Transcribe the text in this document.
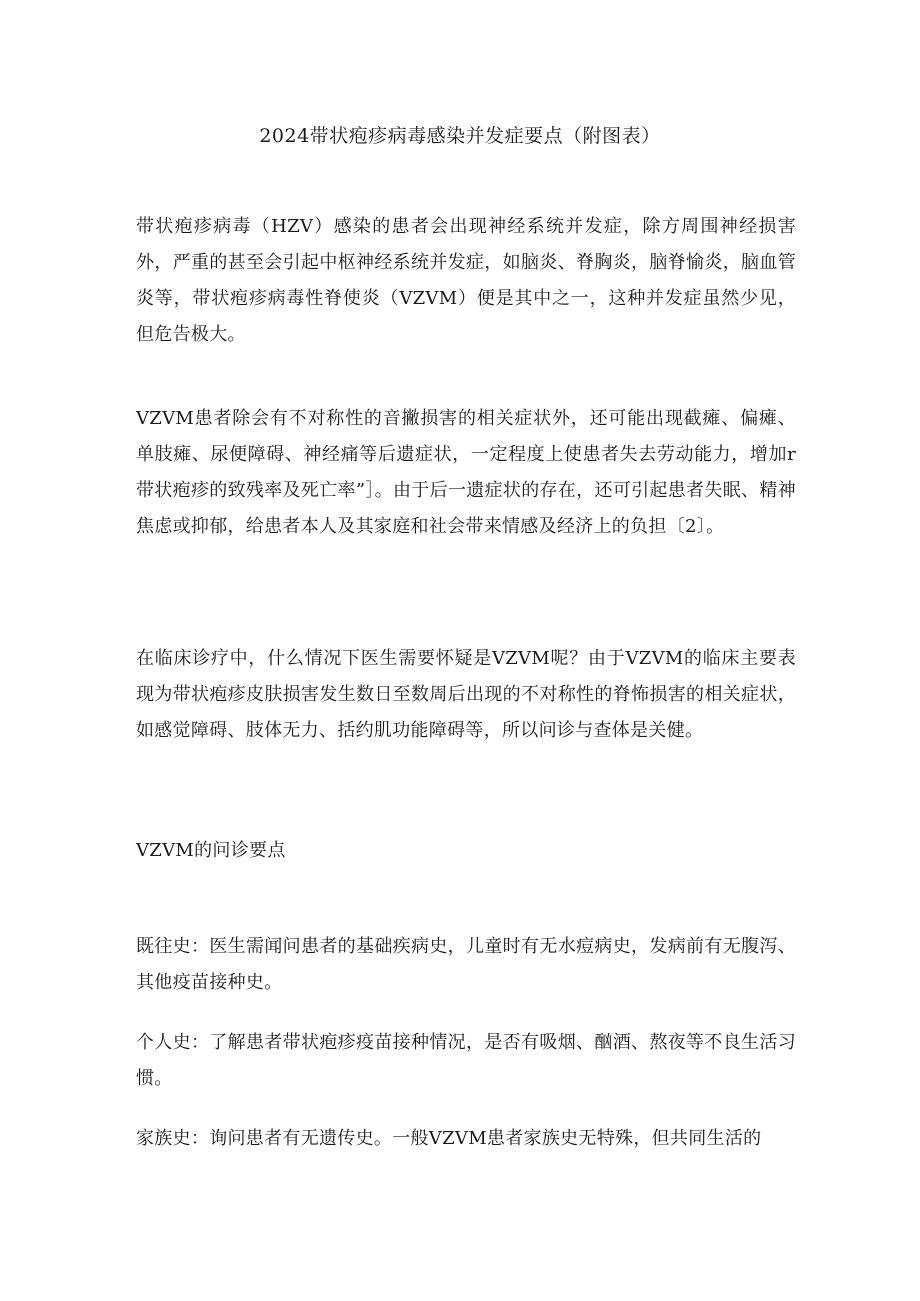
2024带状疱疹病毒感染并发症要点（附图表）

带状疱疹病毒（HZV）感染的患者会出现神经系统并发症，除方周围神经损害外，严重的甚至会引起中枢神经系统并发症，如脑炎、脊胸炎，脑脊愉炎，脑血管炎等，带状疱疹病毒性脊使炎（VZVM）便是其中之一，这种并发症虽然少见，但危告极大。

VZVM患者除会有不对称性的音撇损害的相关症状外，还可能出现截瘫、偏瘫、单肢瘫、尿便障碍、神经痛等后遗症状，一定程度上使患者失去劳动能力，增加r带状疱疹的致残率及死亡率”］。由于后一遗症状的存在，还可引起患者失眠、精神焦虑或抑郁，给患者本人及其家庭和社会带来情感及经济上的负担〔2〕。

在临床诊疗中，什么情况下医生需要怀疑是VZVM呢？由于VZVM的临床主要表现为带状疱疹皮肤损害发生数日至数周后出现的不对称性的脊怖损害的相关症状，如感觉障碍、肢体无力、括约肌功能障碍等，所以问诊与查体是关健。

VZVM的问诊要点

既往史：医生需闻问患者的基础疾病史，儿童时有无水痘病史，发病前有无腹泻、其他疫苗接种史。

个人史：了解患者带状疱疹疫苗接种情况，是否有吸烟、酗酒、熬夜等不良生活习惯。

家族史：询问患者有无遗传史。一般VZVM患者家族史无特殊，但共同生活的
